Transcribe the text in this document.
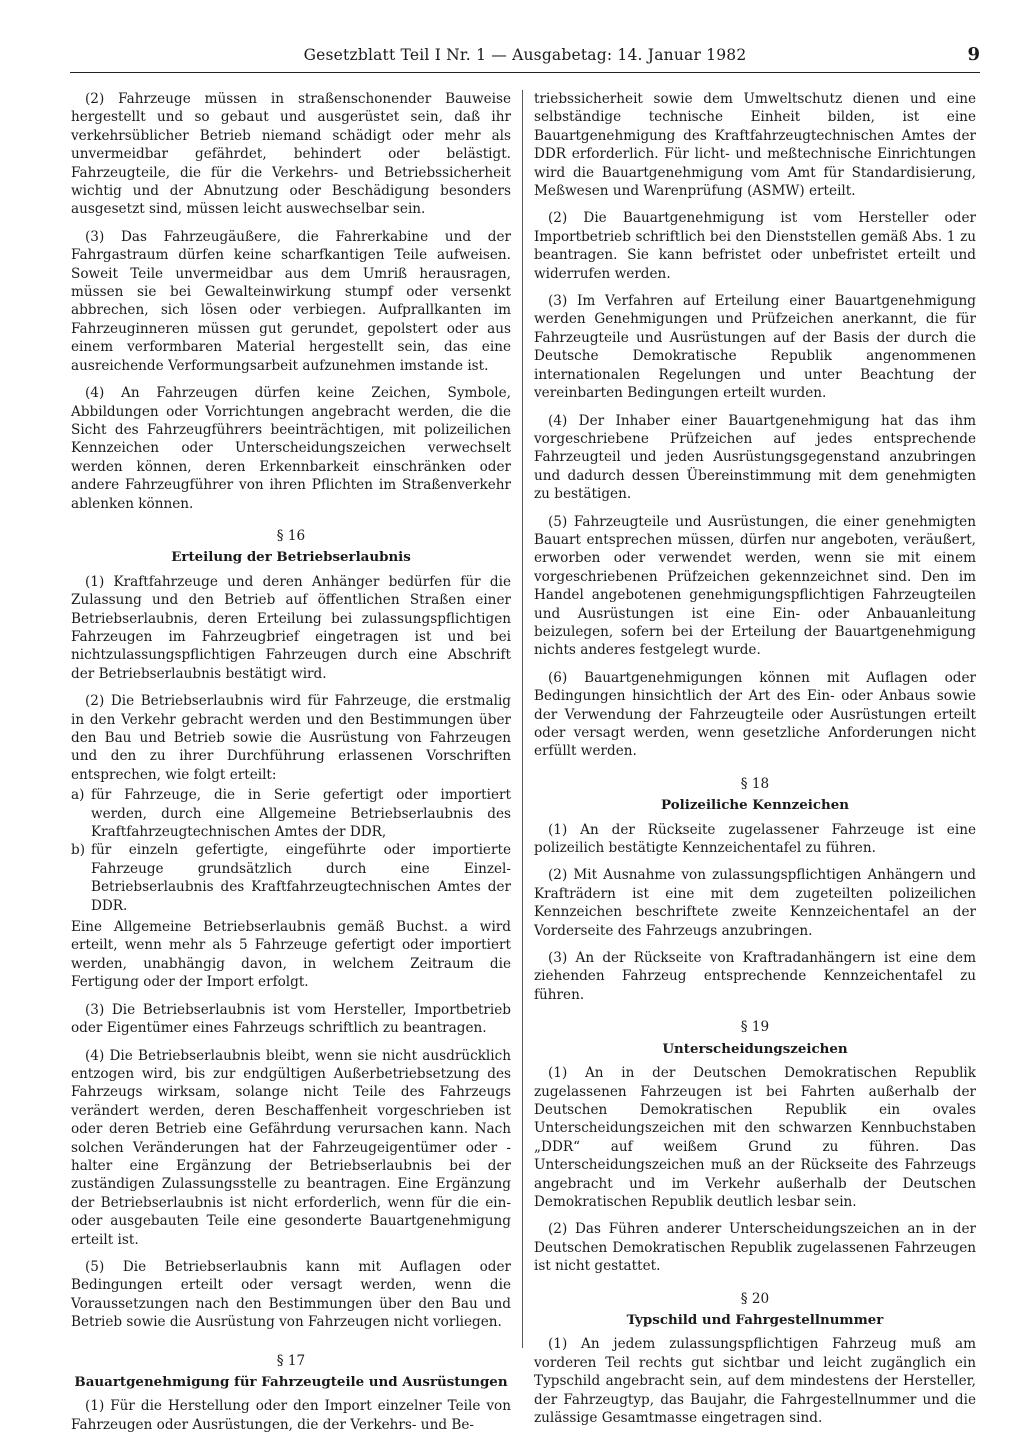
Gesetzblatt Teil I Nr. 1 — Ausgabetag: 14. Januar 1982	9

(2) Fahrzeuge müssen in straßenschonender Bauweise hergestellt und so gebaut und ausgerüstet sein, daß ihr verkehrsüblicher Betrieb niemand schädigt oder mehr als unvermeidbar gefährdet, behindert oder belästigt. Fahrzeugteile, die für die Verkehrs- und Betriebssicherheit wichtig und der Abnutzung oder Beschädigung besonders ausgesetzt sind, müssen leicht auswechselbar sein.

(3) Das Fahrzeugäußere, die Fahrerkabine und der Fahrgastraum dürfen keine scharfkantigen Teile aufweisen. Soweit Teile unvermeidbar aus dem Umriß herausragen, müssen sie bei Gewalteinwirkung stumpf oder versenkt abbrechen, sich lösen oder verbiegen. Aufprallkanten im Fahrzeuginneren müssen gut gerundet, gepolstert oder aus einem verformbaren Material hergestellt sein, das eine ausreichende Verformungsarbeit aufzunehmen imstande ist.

(4) An Fahrzeugen dürfen keine Zeichen, Symbole, Abbildungen oder Vorrichtungen angebracht werden, die die Sicht des Fahrzeugführers beeinträchtigen, mit polizeilichen Kennzeichen oder Unterscheidungszeichen verwechselt werden können, deren Erkennbarkeit einschränken oder andere Fahrzeugführer von ihren Pflichten im Straßenverkehr ablenken können.

§ 16
Erteilung der Betriebserlaubnis

(1) Kraftfahrzeuge und deren Anhänger bedürfen für die Zulassung und den Betrieb auf öffentlichen Straßen einer Betriebserlaubnis, deren Erteilung bei zulassungspflichtigen Fahrzeugen im Fahrzeugbrief eingetragen ist und bei nichtzulassungspflichtigen Fahrzeugen durch eine Abschrift der Betriebserlaubnis bestätigt wird.

(2) Die Betriebserlaubnis wird für Fahrzeuge, die erstmalig in den Verkehr gebracht werden und den Bestimmungen über den Bau und Betrieb sowie die Ausrüstung von Fahrzeugen und den zu ihrer Durchführung erlassenen Vorschriften entsprechen, wie folgt erteilt:

a) für Fahrzeuge, die in Serie gefertigt oder importiert werden, durch eine Allgemeine Betriebserlaubnis des Kraftfahrzeugtechnischen Amtes der DDR,
b) für einzeln gefertigte, eingeführte oder importierte Fahrzeuge grundsätzlich durch eine Einzel-Betriebserlaubnis des Kraftfahrzeugtechnischen Amtes der DDR.

Eine Allgemeine Betriebserlaubnis gemäß Buchst. a wird erteilt, wenn mehr als 5 Fahrzeuge gefertigt oder importiert werden, unabhängig davon, in welchem Zeitraum die Fertigung oder der Import erfolgt.

(3) Die Betriebserlaubnis ist vom Hersteller, Importbetrieb oder Eigentümer eines Fahrzeugs schriftlich zu beantragen.

(4) Die Betriebserlaubnis bleibt, wenn sie nicht ausdrücklich entzogen wird, bis zur endgültigen Außerbetriebsetzung des Fahrzeugs wirksam, solange nicht Teile des Fahrzeugs verändert werden, deren Beschaffenheit vorgeschrieben ist oder deren Betrieb eine Gefährdung verursachen kann. Nach solchen Veränderungen hat der Fahrzeugeigentümer oder -halter eine Ergänzung der Betriebserlaubnis bei der zuständigen Zulassungsstelle zu beantragen. Eine Ergänzung der Betriebserlaubnis ist nicht erforderlich, wenn für die ein- oder ausgebauten Teile eine gesonderte Bauartgenehmigung erteilt ist.

(5) Die Betriebserlaubnis kann mit Auflagen oder Bedingungen erteilt oder versagt werden, wenn die Voraussetzungen nach den Bestimmungen über den Bau und Betrieb sowie die Ausrüstung von Fahrzeugen nicht vorliegen.

§ 17
Bauartgenehmigung für Fahrzeugteile und Ausrüstungen

(1) Für die Herstellung oder den Import einzelner Teile von Fahrzeugen oder Ausrüstungen, die der Verkehrs- und Be-

triebssicherheit sowie dem Umweltschutz dienen und eine selbständige technische Einheit bilden, ist eine Bauartgenehmigung des Kraftfahrzeugtechnischen Amtes der DDR erforderlich. Für licht- und meßtechnische Einrichtungen wird die Bauartgenehmigung vom Amt für Standardisierung, Meßwesen und Warenprüfung (ASMW) erteilt.

(2) Die Bauartgenehmigung ist vom Hersteller oder Importbetrieb schriftlich bei den Dienststellen gemäß Abs. 1 zu beantragen. Sie kann befristet oder unbefristet erteilt und widerrufen werden.

(3) Im Verfahren auf Erteilung einer Bauartgenehmigung werden Genehmigungen und Prüfzeichen anerkannt, die für Fahrzeugteile und Ausrüstungen auf der Basis der durch die Deutsche Demokratische Republik angenommenen internationalen Regelungen und unter Beachtung der vereinbarten Bedingungen erteilt wurden.

(4) Der Inhaber einer Bauartgenehmigung hat das ihm vorgeschriebene Prüfzeichen auf jedes entsprechende Fahrzeugteil und jeden Ausrüstungsgegenstand anzubringen und dadurch dessen Übereinstimmung mit dem genehmigten zu bestätigen.

(5) Fahrzeugteile und Ausrüstungen, die einer genehmigten Bauart entsprechen müssen, dürfen nur angeboten, veräußert, erworben oder verwendet werden, wenn sie mit einem vorgeschriebenen Prüfzeichen gekennzeichnet sind. Den im Handel angebotenen genehmigungspflichtigen Fahrzeugteilen und Ausrüstungen ist eine Ein- oder Anbauanleitung beizulegen, sofern bei der Erteilung der Bauartgenehmigung nichts anderes festgelegt wurde.

(6) Bauartgenehmigungen können mit Auflagen oder Bedingungen hinsichtlich der Art des Ein- oder Anbaus sowie der Verwendung der Fahrzeugteile oder Ausrüstungen erteilt oder versagt werden, wenn gesetzliche Anforderungen nicht erfüllt werden.

§ 18
Polizeiliche Kennzeichen

(1) An der Rückseite zugelassener Fahrzeuge ist eine polizeilich bestätigte Kennzeichentafel zu führen.

(2) Mit Ausnahme von zulassungspflichtigen Anhängern und Krafträdern ist eine mit dem zugeteilten polizeilichen Kennzeichen beschriftete zweite Kennzeichentafel an der Vorderseite des Fahrzeugs anzubringen.

(3) An der Rückseite von Kraftradanhängern ist eine dem ziehenden Fahrzeug entsprechende Kennzeichentafel zu führen.

§ 19
Unterscheidungszeichen

(1) An in der Deutschen Demokratischen Republik zugelassenen Fahrzeugen ist bei Fahrten außerhalb der Deutschen Demokratischen Republik ein ovales Unterscheidungszeichen mit den schwarzen Kennbuchstaben „DDR“ auf weißem Grund zu führen. Das Unterscheidungszeichen muß an der Rückseite des Fahrzeugs angebracht und im Verkehr außerhalb der Deutschen Demokratischen Republik deutlich lesbar sein.

(2) Das Führen anderer Unterscheidungszeichen an in der Deutschen Demokratischen Republik zugelassenen Fahrzeugen ist nicht gestattet.

§ 20
Typschild und Fahrgestellnummer

(1) An jedem zulassungspflichtigen Fahrzeug muß am vorderen Teil rechts gut sichtbar und leicht zugänglich ein Typschild angebracht sein, auf dem mindestens der Hersteller, der Fahrzeugtyp, das Baujahr, die Fahrgestellnummer und die zulässige Gesamtmasse eingetragen sind.
